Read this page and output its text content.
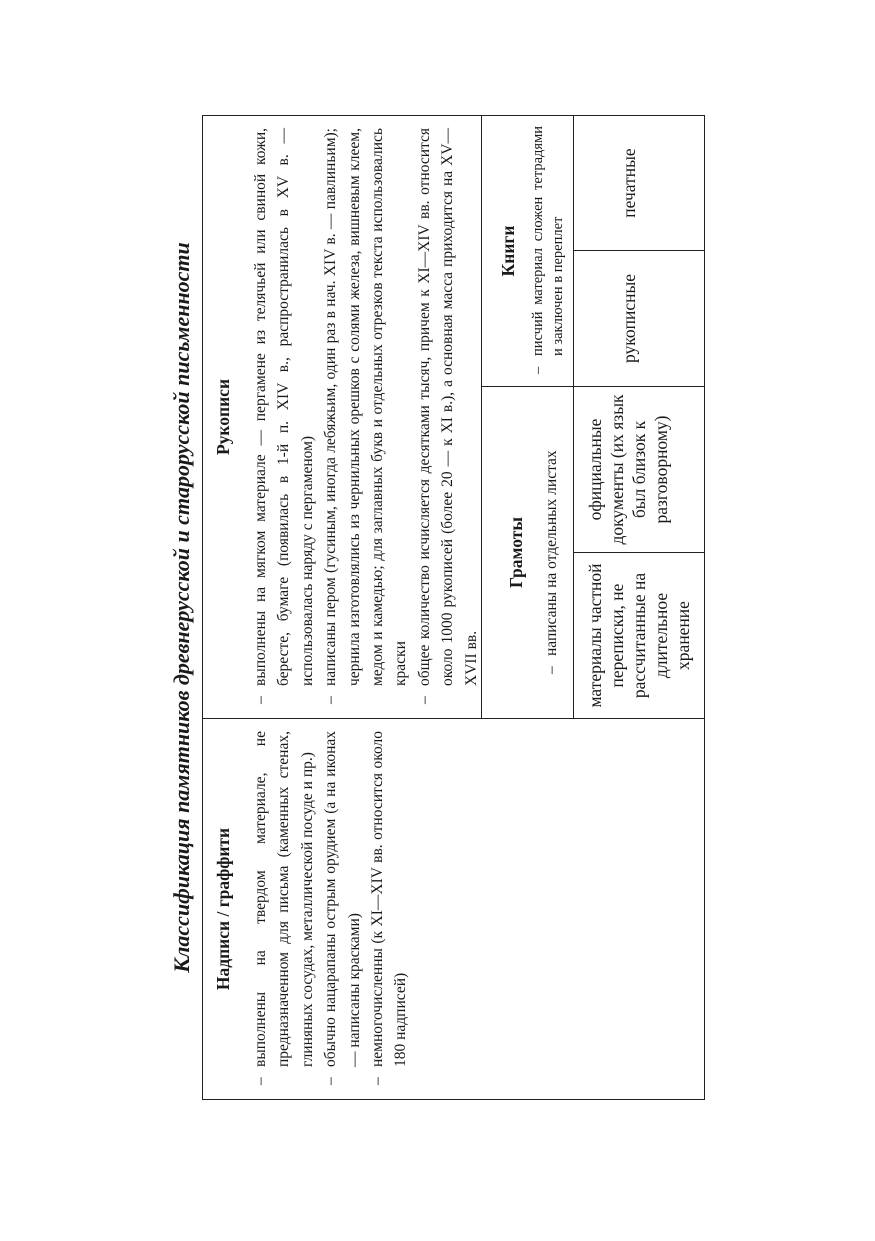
Классификация памятников древнерусской и старорусской письменности	Надписи / граффити – выполнены на твердом материале, не предназначенном для письма (каменных стенах, глиняных сосудах, металлической посуде и пр.) – обычно нацарапаны острым орудием (а на иконах — написаны красками) – немногочисленны (к XI—XIV вв. относится около 180 надписей)
Рукописи – выполнены на мягком материале — пергамене из телячьей или свиной кожи, бересте, бумаге (появилась в 1-й п. XIV в., распространилась в XV в. — использовалась наряду с пергаменом) – написаны пером (гусиным, иногда лебяжьим, один раз в нач. XIV в. — павлиньим); чернила изготовлялись из чернильных орешков с солями железа, вишневым клеем, медом и камедью; для заглавных букв и отдельных отрезков текста использовались краски – общее количество исчисляется десятками тысяч, причем к XI—XIV вв. относится около 1000 рукописей (более 20 — к XI в.), а основная масса приходится на XV—XVII вв.
Грамоты – написаны на отдельных листах
Книги – писчий материал сложен тетрадями и заключен в переплет
материалы частной переписки, не рассчитанные на длительное хранение
официальные документы (их язык был близок к разговорному)
рукописные
печатные
